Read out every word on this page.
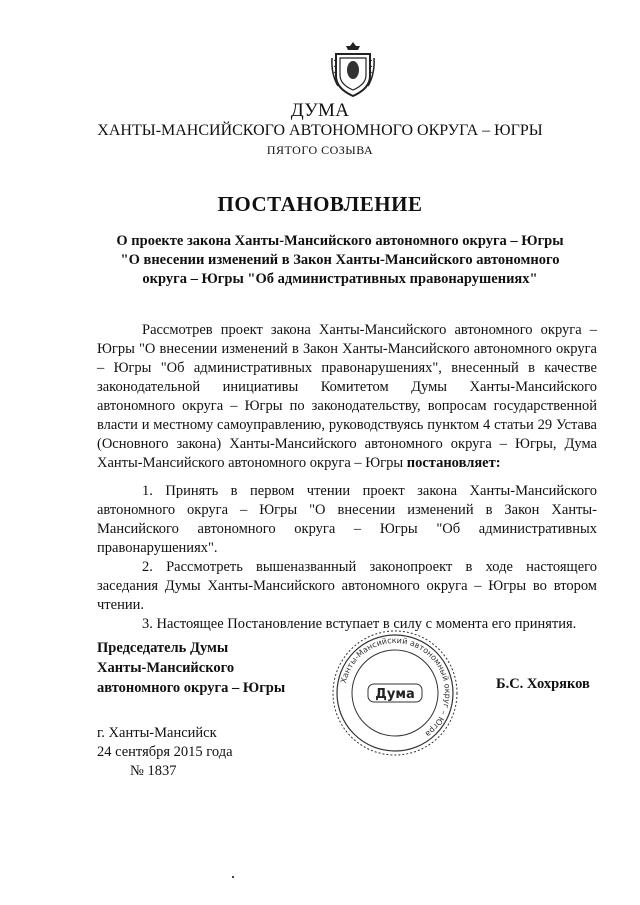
ДУМА
ХАНТЫ-МАНСИЙСКОГО АВТОНОМНОГО ОКРУГА – ЮГРЫ
ПЯТОГО СОЗЫВА
ПОСТАНОВЛЕНИЕ
О проекте закона Ханты-Мансийского автономного округа – Югры
"О внесении изменений в Закон Ханты-Мансийского автономного
округа – Югры "Об административных правонарушениях"

Рассмотрев проект закона Ханты-Мансийского автономного округа – Югры "О внесении изменений в Закон Ханты-Мансийского автономного округа – Югры "Об административных правонарушениях", внесенный в качестве законодательной инициативы Комитетом Думы Ханты-Мансийского автономного округа – Югры по законодательству, вопросам государственной власти и местному самоуправлению, руководствуясь пунктом 4 статьи 29 Устава (Основного закона) Ханты-Мансийского автономного округа – Югры, Дума Ханты-Мансийского автономного округа – Югры постановляет:

1. Принять в первом чтении проект закона Ханты-Мансийского автономного округа – Югры "О внесении изменений в Закон Ханты-Мансийского автономного округа – Югры "Об административных правонарушениях".

2. Рассмотреть вышеназванный законопроект в ходе настоящего заседания Думы Ханты-Мансийского автономного округа – Югры во втором чтении.

3. Настоящее Постановление вступает в силу с момента его принятия.

Председатель Думы
Ханты-Мансийского
автономного округа – Югры	Ханты-Мансийский автономный округ – Югра
Дума
Б.С. Хохряков
г. Ханты-Мансийск
24 сентября 2015 года
№ 1837
